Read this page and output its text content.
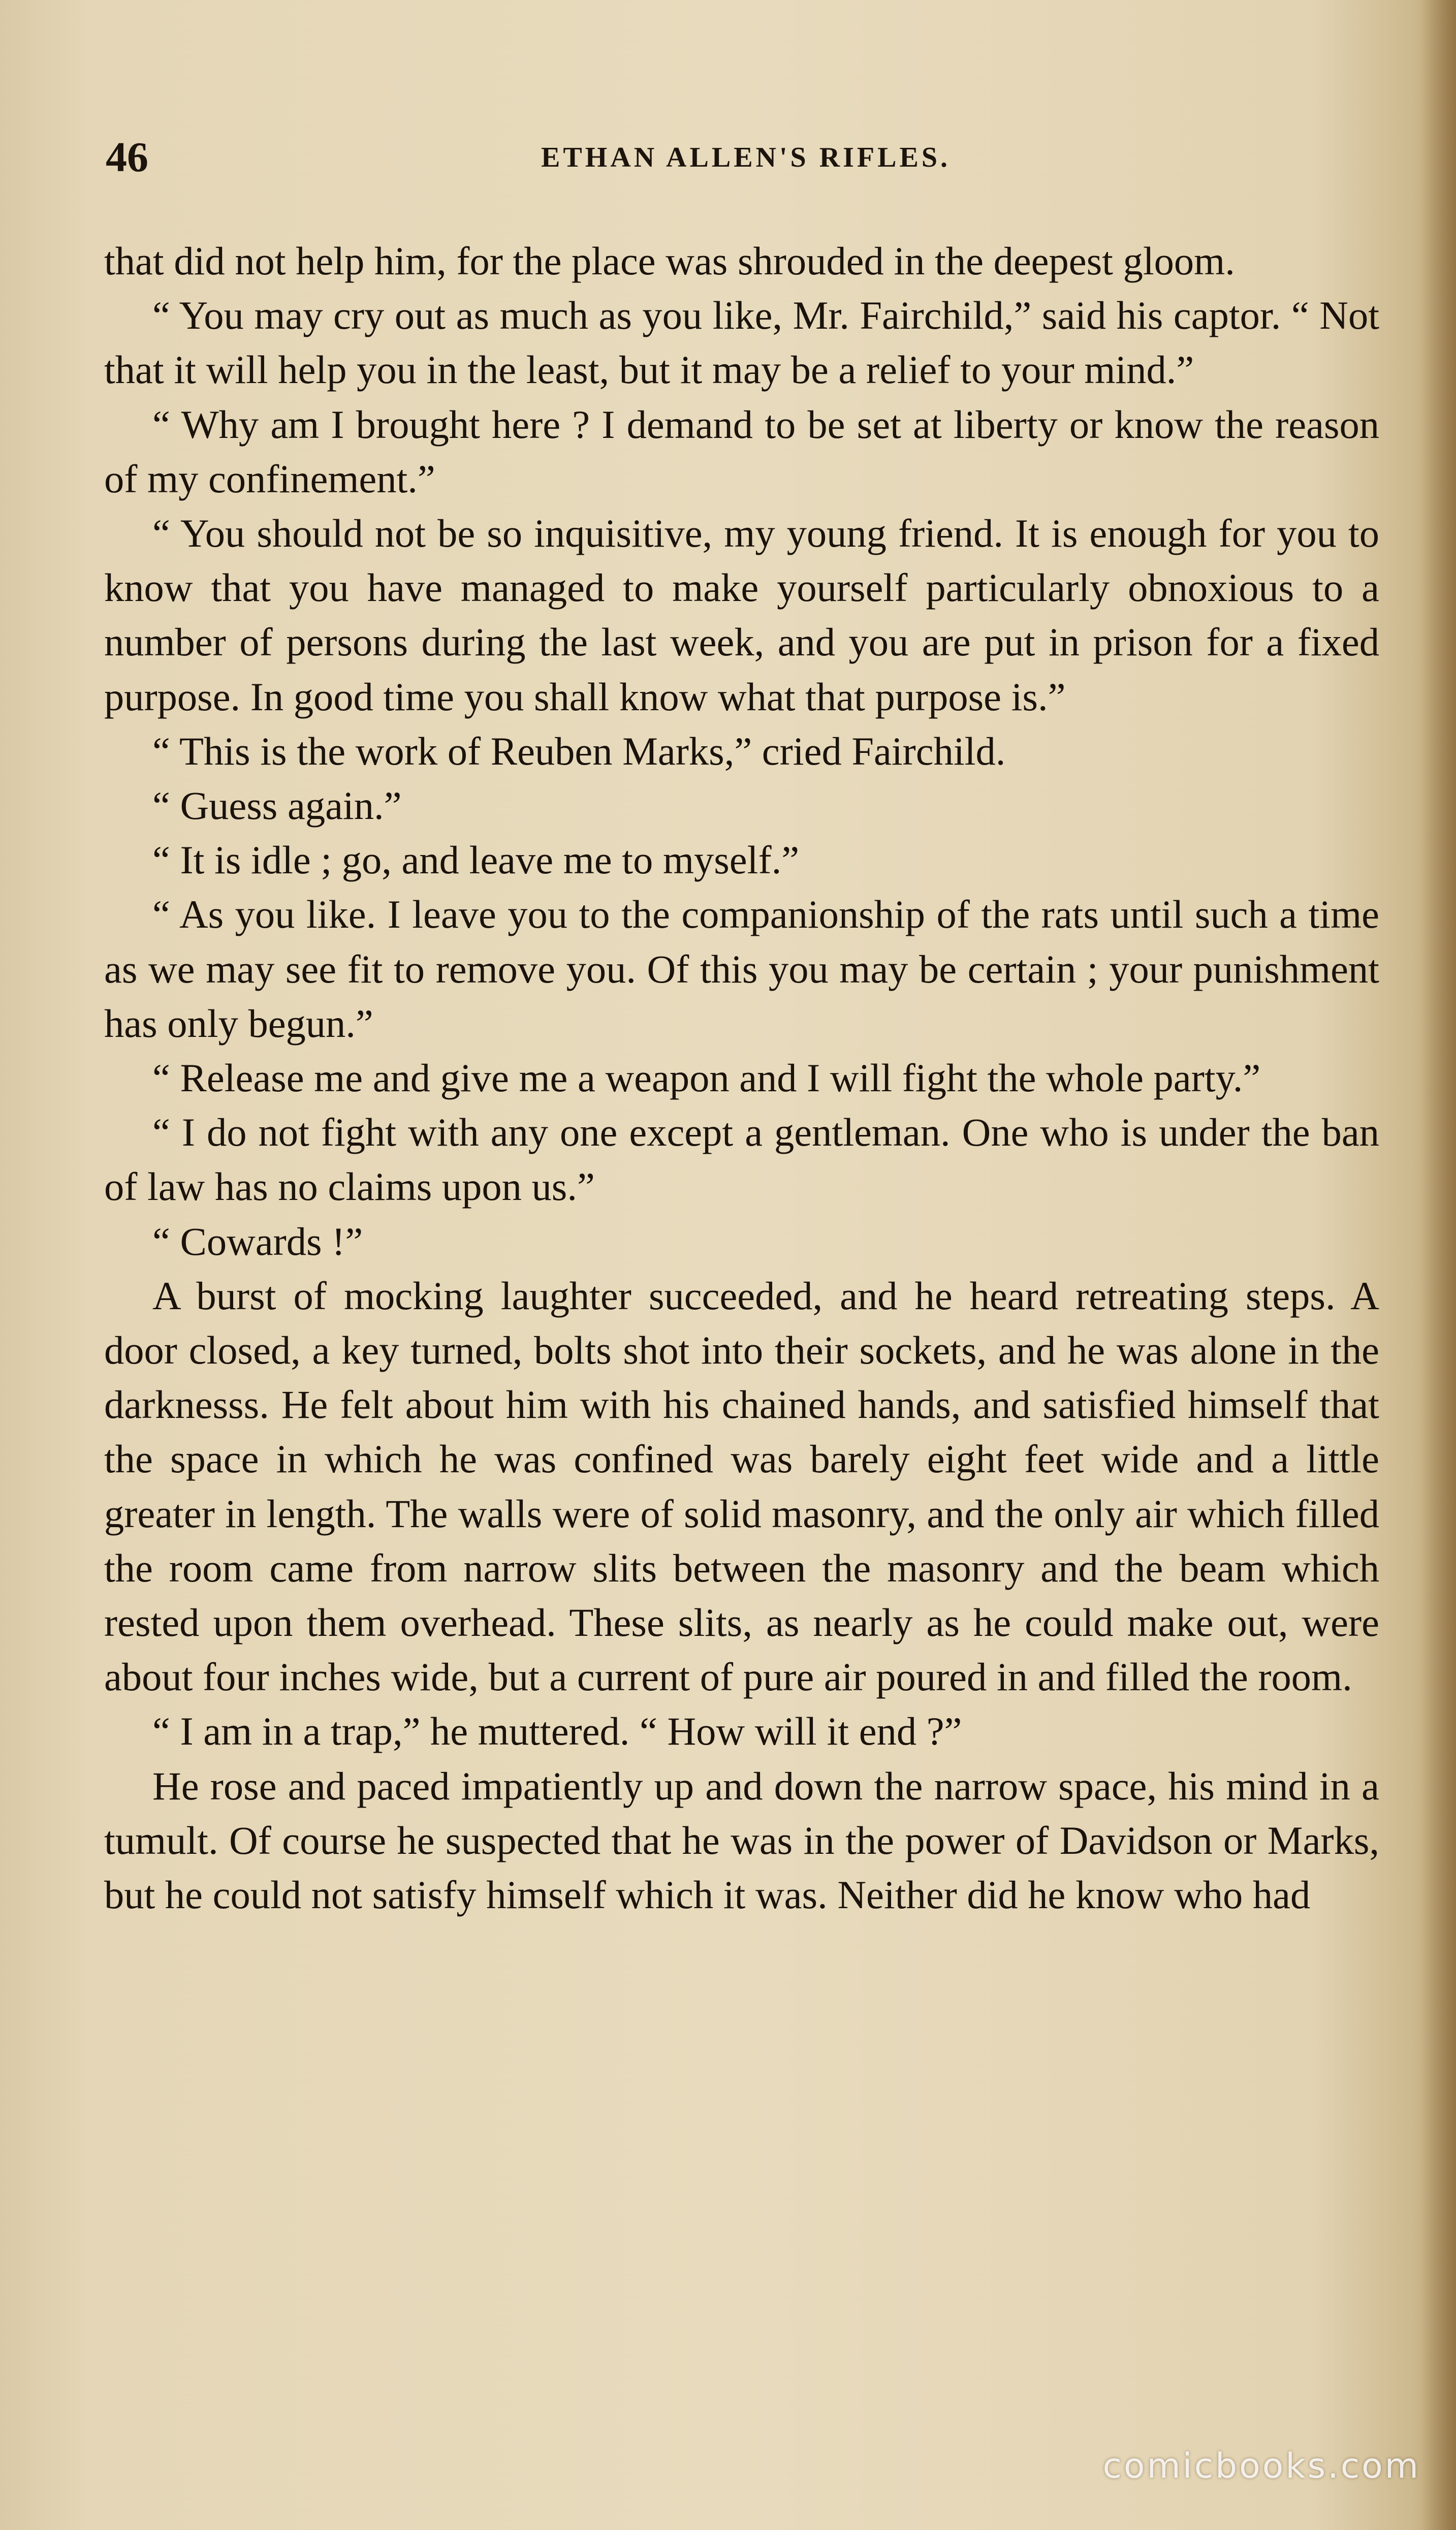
46	ETHAN ALLEN'S RIFLES.

that did not help him, for the place was shrouded in the deepest gloom.

“ You may cry out as much as you like, Mr. Fairchild,” said his captor. “ Not that it will help you in the least, but it may be a relief to your mind.”

“ Why am I brought here ? I demand to be set at liberty or know the reason of my confinement.”

“ You should not be so inquisitive, my young friend. It is enough for you to know that you have managed to make yourself particularly obnoxious to a number of persons during the last week, and you are put in prison for a fixed purpose. In good time you shall know what that purpose is.”

“ This is the work of Reuben Marks,” cried Fairchild.

“ Guess again.”

“ It is idle ; go, and leave me to myself.”

“ As you like. I leave you to the companionship of the rats until such a time as we may see fit to remove you. Of this you may be certain ; your punishment has only begun.”

“ Release me and give me a weapon and I will fight the whole party.”

“ I do not fight with any one except a gentleman. One who is under the ban of law has no claims upon us.”

“ Cowards !”

A burst of mocking laughter succeeded, and he heard retreating steps. A door closed, a key turned, bolts shot into their sockets, and he was alone in the darknesss. He felt about him with his chained hands, and satisfied himself that the space in which he was confined was barely eight feet wide and a little greater in length. The walls were of solid masonry, and the only air which filled the room came from narrow slits between the masonry and the beam which rested upon them overhead. These slits, as nearly as he could make out, were about four inches wide, but a current of pure air poured in and filled the room.

“ I am in a trap,” he muttered. “ How will it end ?”

He rose and paced impatiently up and down the narrow space, his mind in a tumult. Of course he suspected that he was in the power of Davidson or Marks, but he could not satisfy himself which it was. Neither did he know who had

comicbooks.com
